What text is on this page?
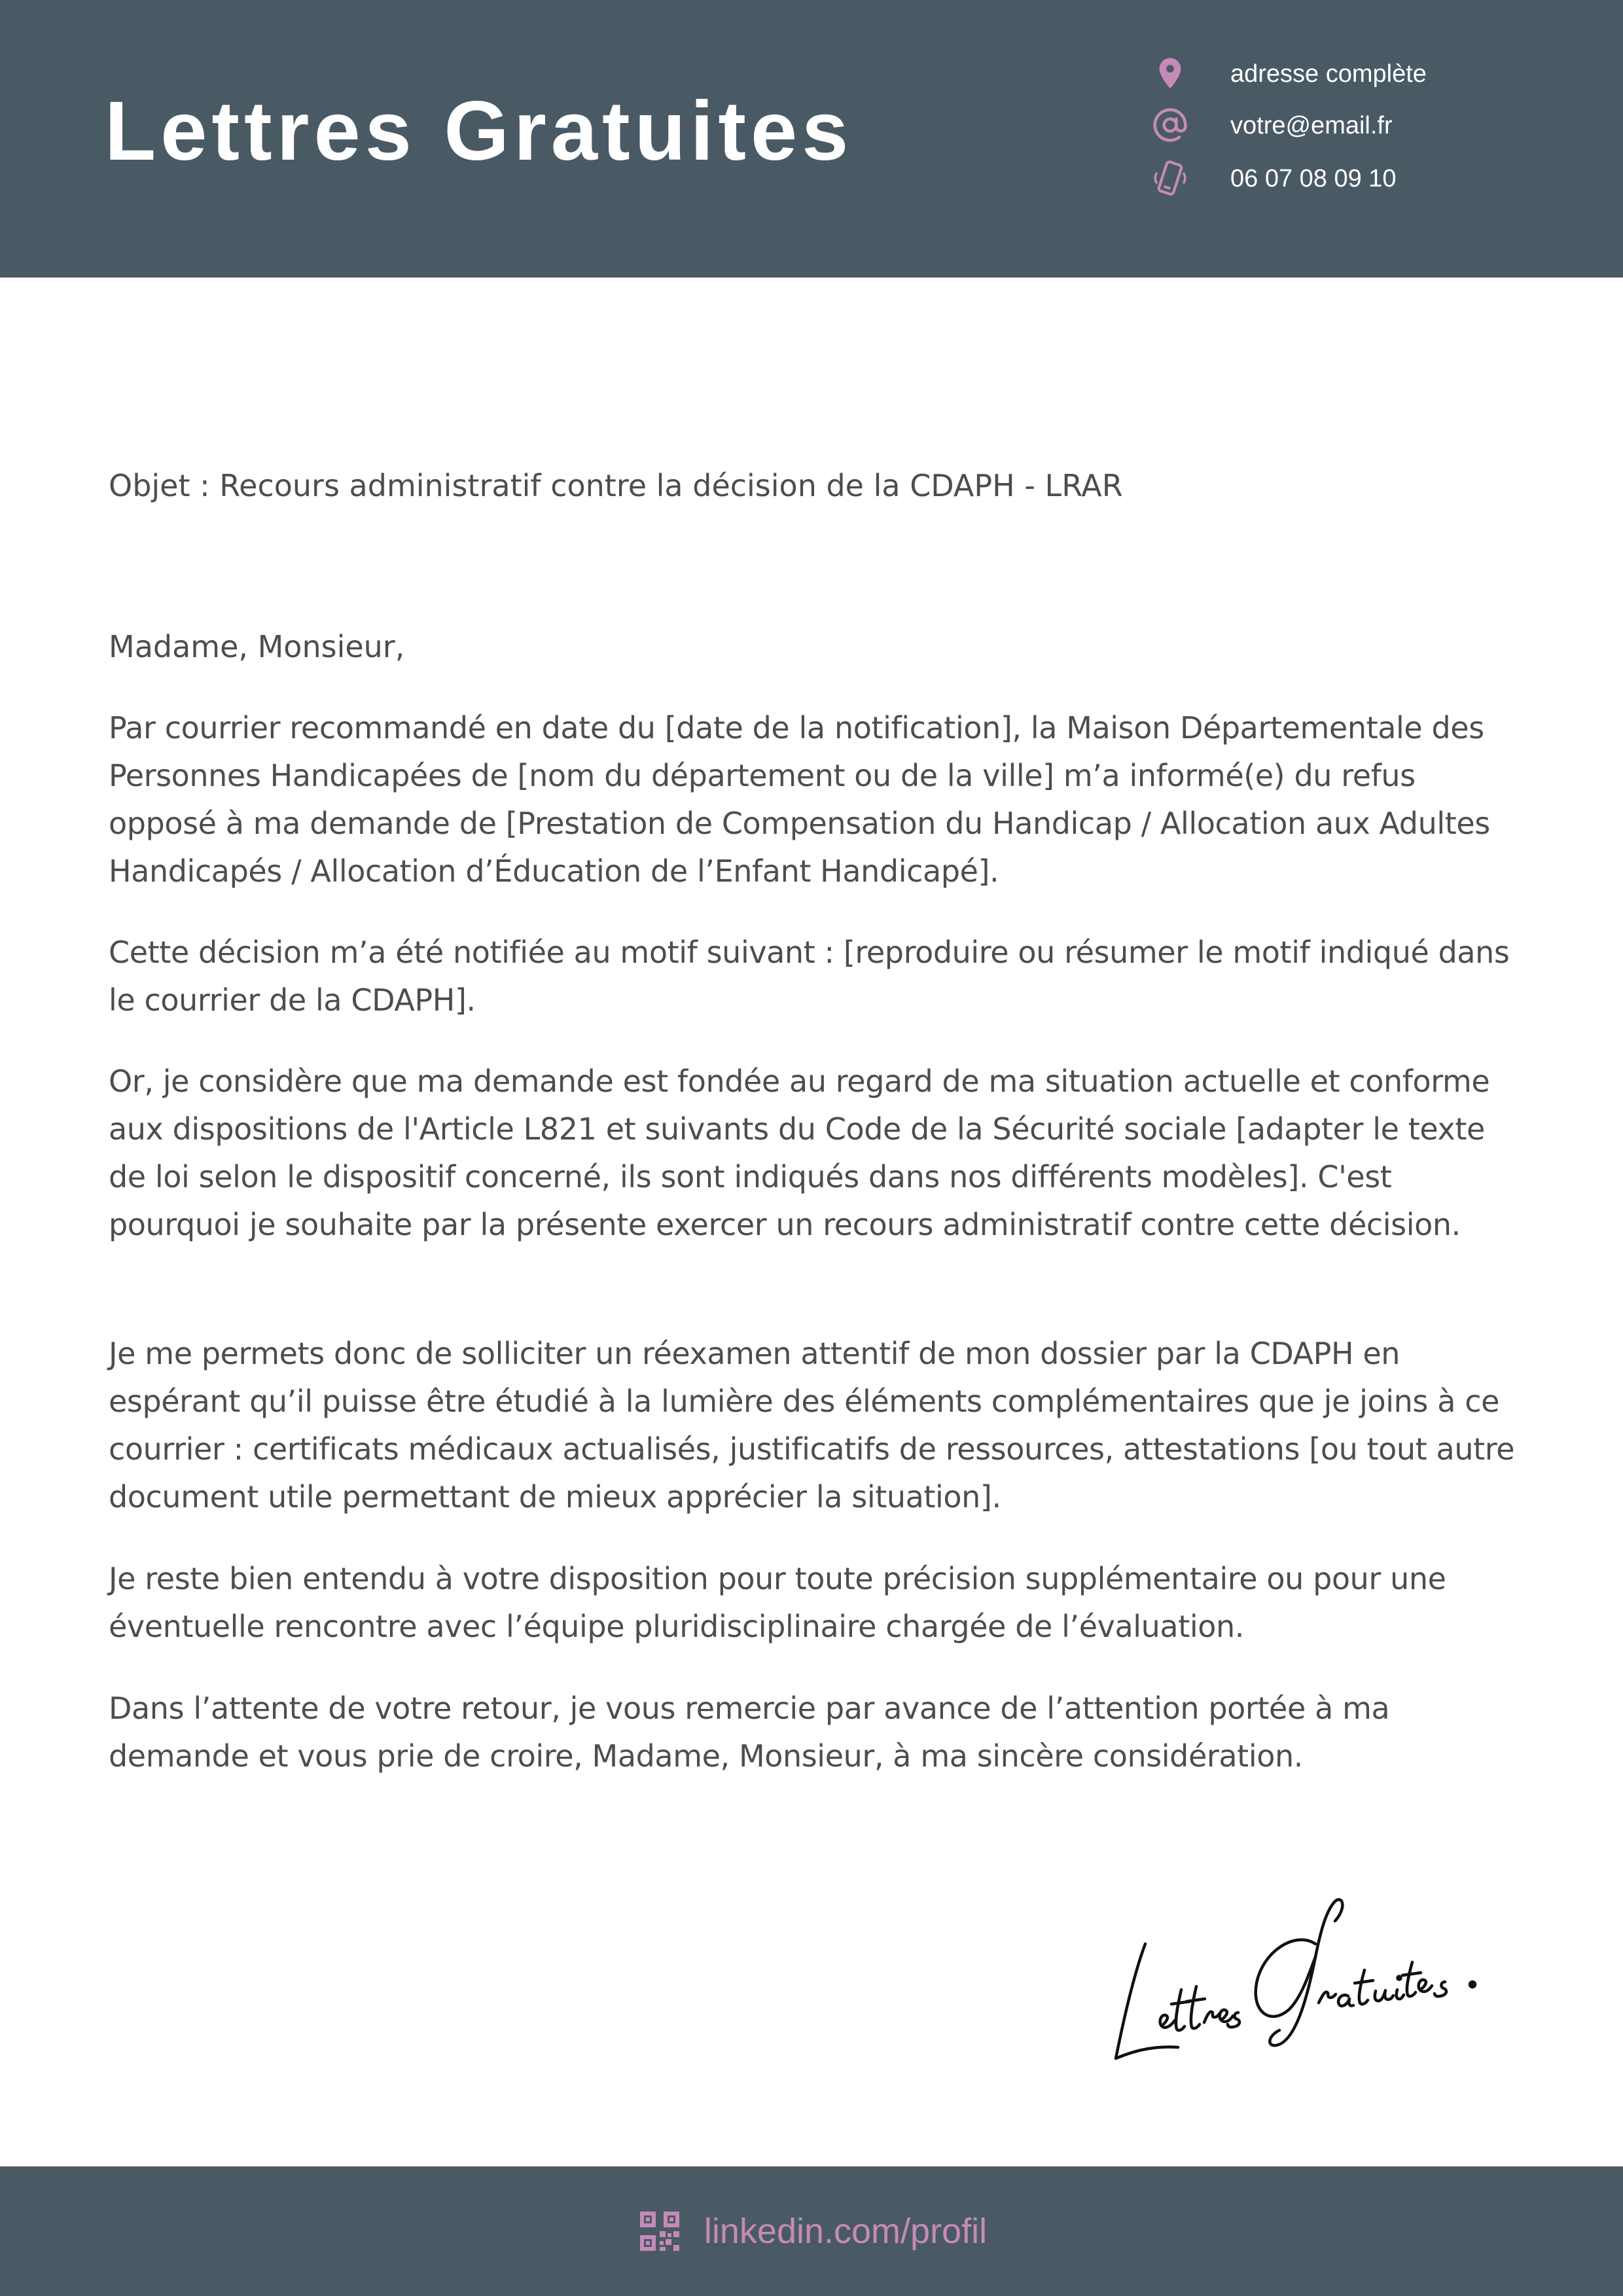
Lettres Gratuites
adresse complète
votre@email.fr
06 07 08 09 10
Objet : Recours administratif contre la décision de la CDAPH - LRAR
Madame, Monsieur,

Par courrier recommandé en date du [date de la notification], la Maison Départementale des Personnes Handicapées de [nom du département ou de la ville] m’a informé(e) du refus opposé à ma demande de [Prestation de Compensation du Handicap / Allocation aux Adultes Handicapés / Allocation d’Éducation de l’Enfant Handicapé].

Cette décision m’a été notifiée au motif suivant : [reproduire ou résumer le motif indiqué dans le courrier de la CDAPH].

Or, je considère que ma demande est fondée au regard de ma situation actuelle et conforme aux dispositions de l'Article L821 et suivants du Code de la Sécurité sociale [adapter le texte de loi selon le dispositif concerné, ils sont indiqués dans nos différents modèles]. C'est pourquoi je souhaite par la présente exercer un recours administratif contre cette décision.

Je me permets donc de solliciter un réexamen attentif de mon dossier par la CDAPH en espérant qu’il puisse être étudié à la lumière des éléments complémentaires que je joins à ce courrier : certificats médicaux actualisés, justificatifs de ressources, attestations [ou tout autre document utile permettant de mieux apprécier la situation].

Je reste bien entendu à votre disposition pour toute précision supplémentaire ou pour une éventuelle rencontre avec l’équipe pluridisciplinaire chargée de l’évaluation.

Dans l’attente de votre retour, je vous remercie par avance de l’attention portée à ma demande et vous prie de croire, Madame, Monsieur, à ma sincère considération.

linkedin.com/profil
